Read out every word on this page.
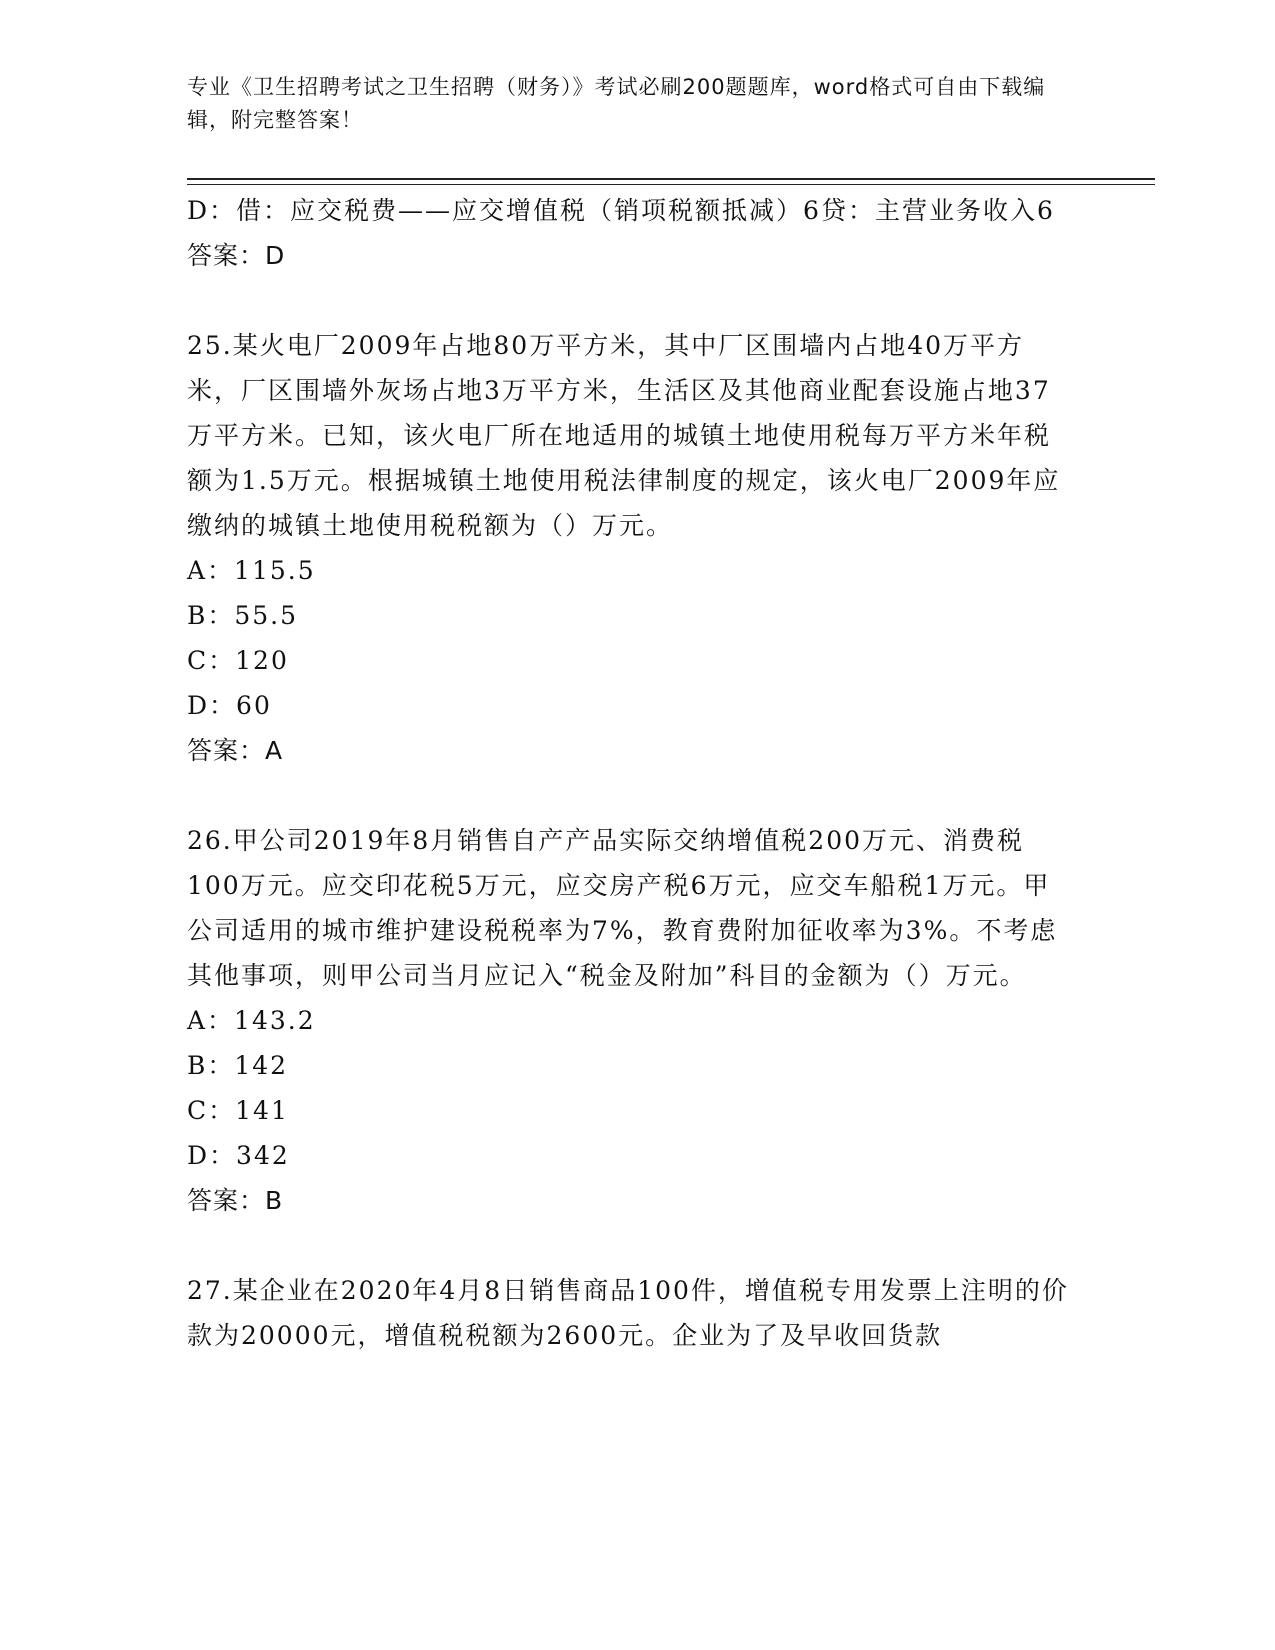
专业《卫生招聘考试之卫生招聘（财务）》考试必刷200题题库，word格式可自由下载编辑，附完整答案！

D：借：应交税费——应交增值税（销项税额抵减）6贷：主营业务收入6

答案：D

25.某火电厂2009年占地80万平方米，其中厂区围墙内占地40万平方米，厂区围墙外灰场占地3万平方米，生活区及其他商业配套设施占地37万平方米。已知，该火电厂所在地适用的城镇土地使用税每万平方米年税额为1.5万元。根据城镇土地使用税法律制度的规定，该火电厂2009年应缴纳的城镇土地使用税税额为（）万元。

A：115.5

B：55.5

C：120

D：60

答案：A

26.甲公司2019年8月销售自产产品实际交纳增值税200万元、消费税100万元。应交印花税5万元，应交房产税6万元，应交车船税1万元。甲公司适用的城市维护建设税税率为7%，教育费附加征收率为3%。不考虑其他事项，则甲公司当月应记入“税金及附加”科目的金额为（）万元。

A：143.2

B：142

C：141

D：342

答案：B

27.某企业在2020年4月8日销售商品100件，增值税专用发票上注明的价款为20000元，增值税税额为2600元。企业为了及早收回货款
